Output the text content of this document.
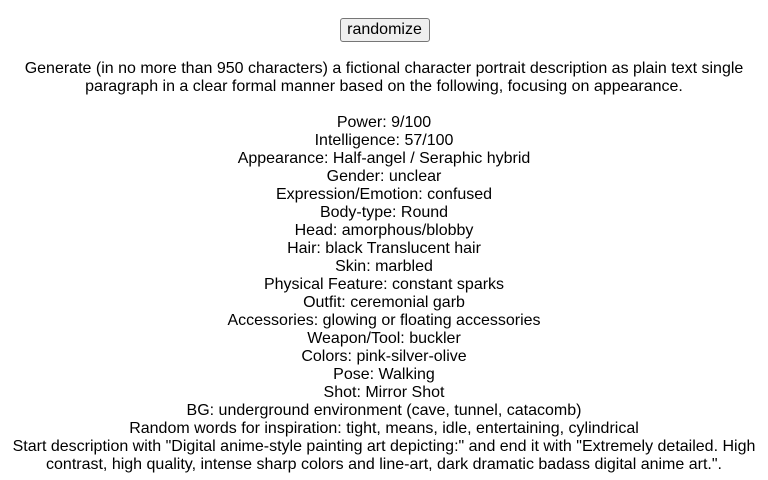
randomize

Generate (in no more than 950 characters) a fictional character portrait description as plain text single paragraph in a clear formal manner based on the following, focusing on appearance.

Power: 9/100
Intelligence: 57/100
Appearance: Half-angel / Seraphic hybrid
Gender: unclear
Expression/Emotion: confused
Body-type: Round
Head: amorphous/blobby
Hair: black Translucent hair
Skin: marbled
Physical Feature: constant sparks
Outfit: ceremonial garb
Accessories: glowing or floating accessories
Weapon/Tool: buckler
Colors: pink-silver-olive
Pose: Walking
Shot: Mirror Shot
BG: underground environment (cave, tunnel, catacomb)
Random words for inspiration: tight, means, idle, entertaining, cylindrical
Start description with "Digital anime-style painting art depicting:" and end it with "Extremely detailed. High contrast, high quality, intense sharp colors and line-art, dark dramatic badass digital anime art.".
